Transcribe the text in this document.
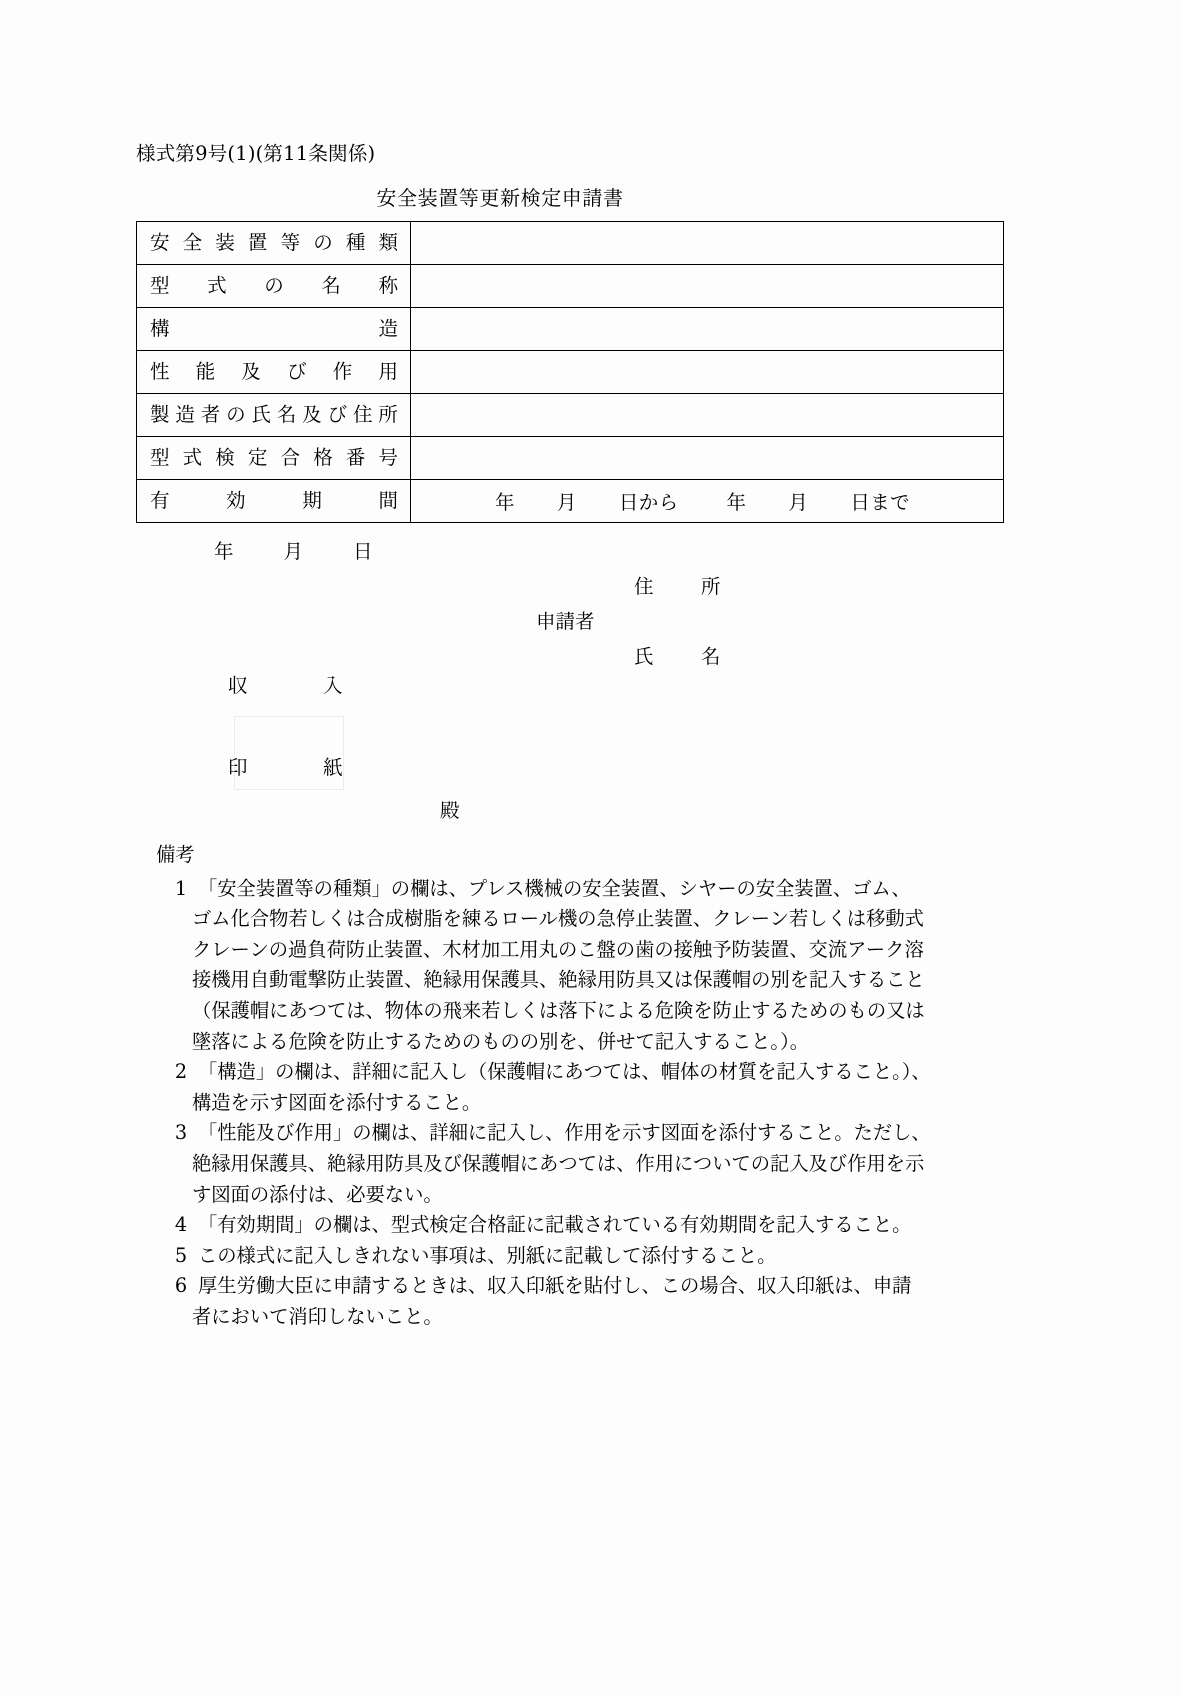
様式第9号(1)(第11条関係)
安全装置等更新検定申請書
安 全 装 置 等 の 種 類

型 式 の 名 称	

構 造	

性 能 及 び 作 用

製 造 者 の 氏 名 及 び 住 所

型 式 検 定 合 格 番 号

有 効 期 間	年 月 日から 年 月 日まで
年	月	日
住　所
申請者
氏　名
収　入
印　紙
殿
備考
1 「安全装置等の種類」の欄は、プレス機械の安全装置、シヤーの安全装置、ゴム、

ゴム化合物若しくは合成樹脂を練るロール機の急停止装置、クレーン若しくは移動式

クレーンの過負荷防止装置、木材加工用丸のこ盤の歯の接触予防装置、交流アーク溶

接機用自動電撃防止装置、絶縁用保護具、絶縁用防具又は保護帽の別を記入すること

（保護帽にあつては、物体の飛来若しくは落下による危険を防止するためのもの又は

墜落による危険を防止するためのものの別を、併せて記入すること。）。

2 「構造」の欄は、詳細に記入し（保護帽にあつては、帽体の材質を記入すること。）、

構造を示す図面を添付すること。

3 「性能及び作用」の欄は、詳細に記入し、作用を示す図面を添付すること。ただし、

絶縁用保護具、絶縁用防具及び保護帽にあつては、作用についての記入及び作用を示

す図面の添付は、必要ない。

4 「有効期間」の欄は、型式検定合格証に記載されている有効期間を記入すること。

5 この様式に記入しきれない事項は、別紙に記載して添付すること。

6 厚生労働大臣に申請するときは、収入印紙を貼付し、この場合、収入印紙は、申請

者において消印しないこと。
